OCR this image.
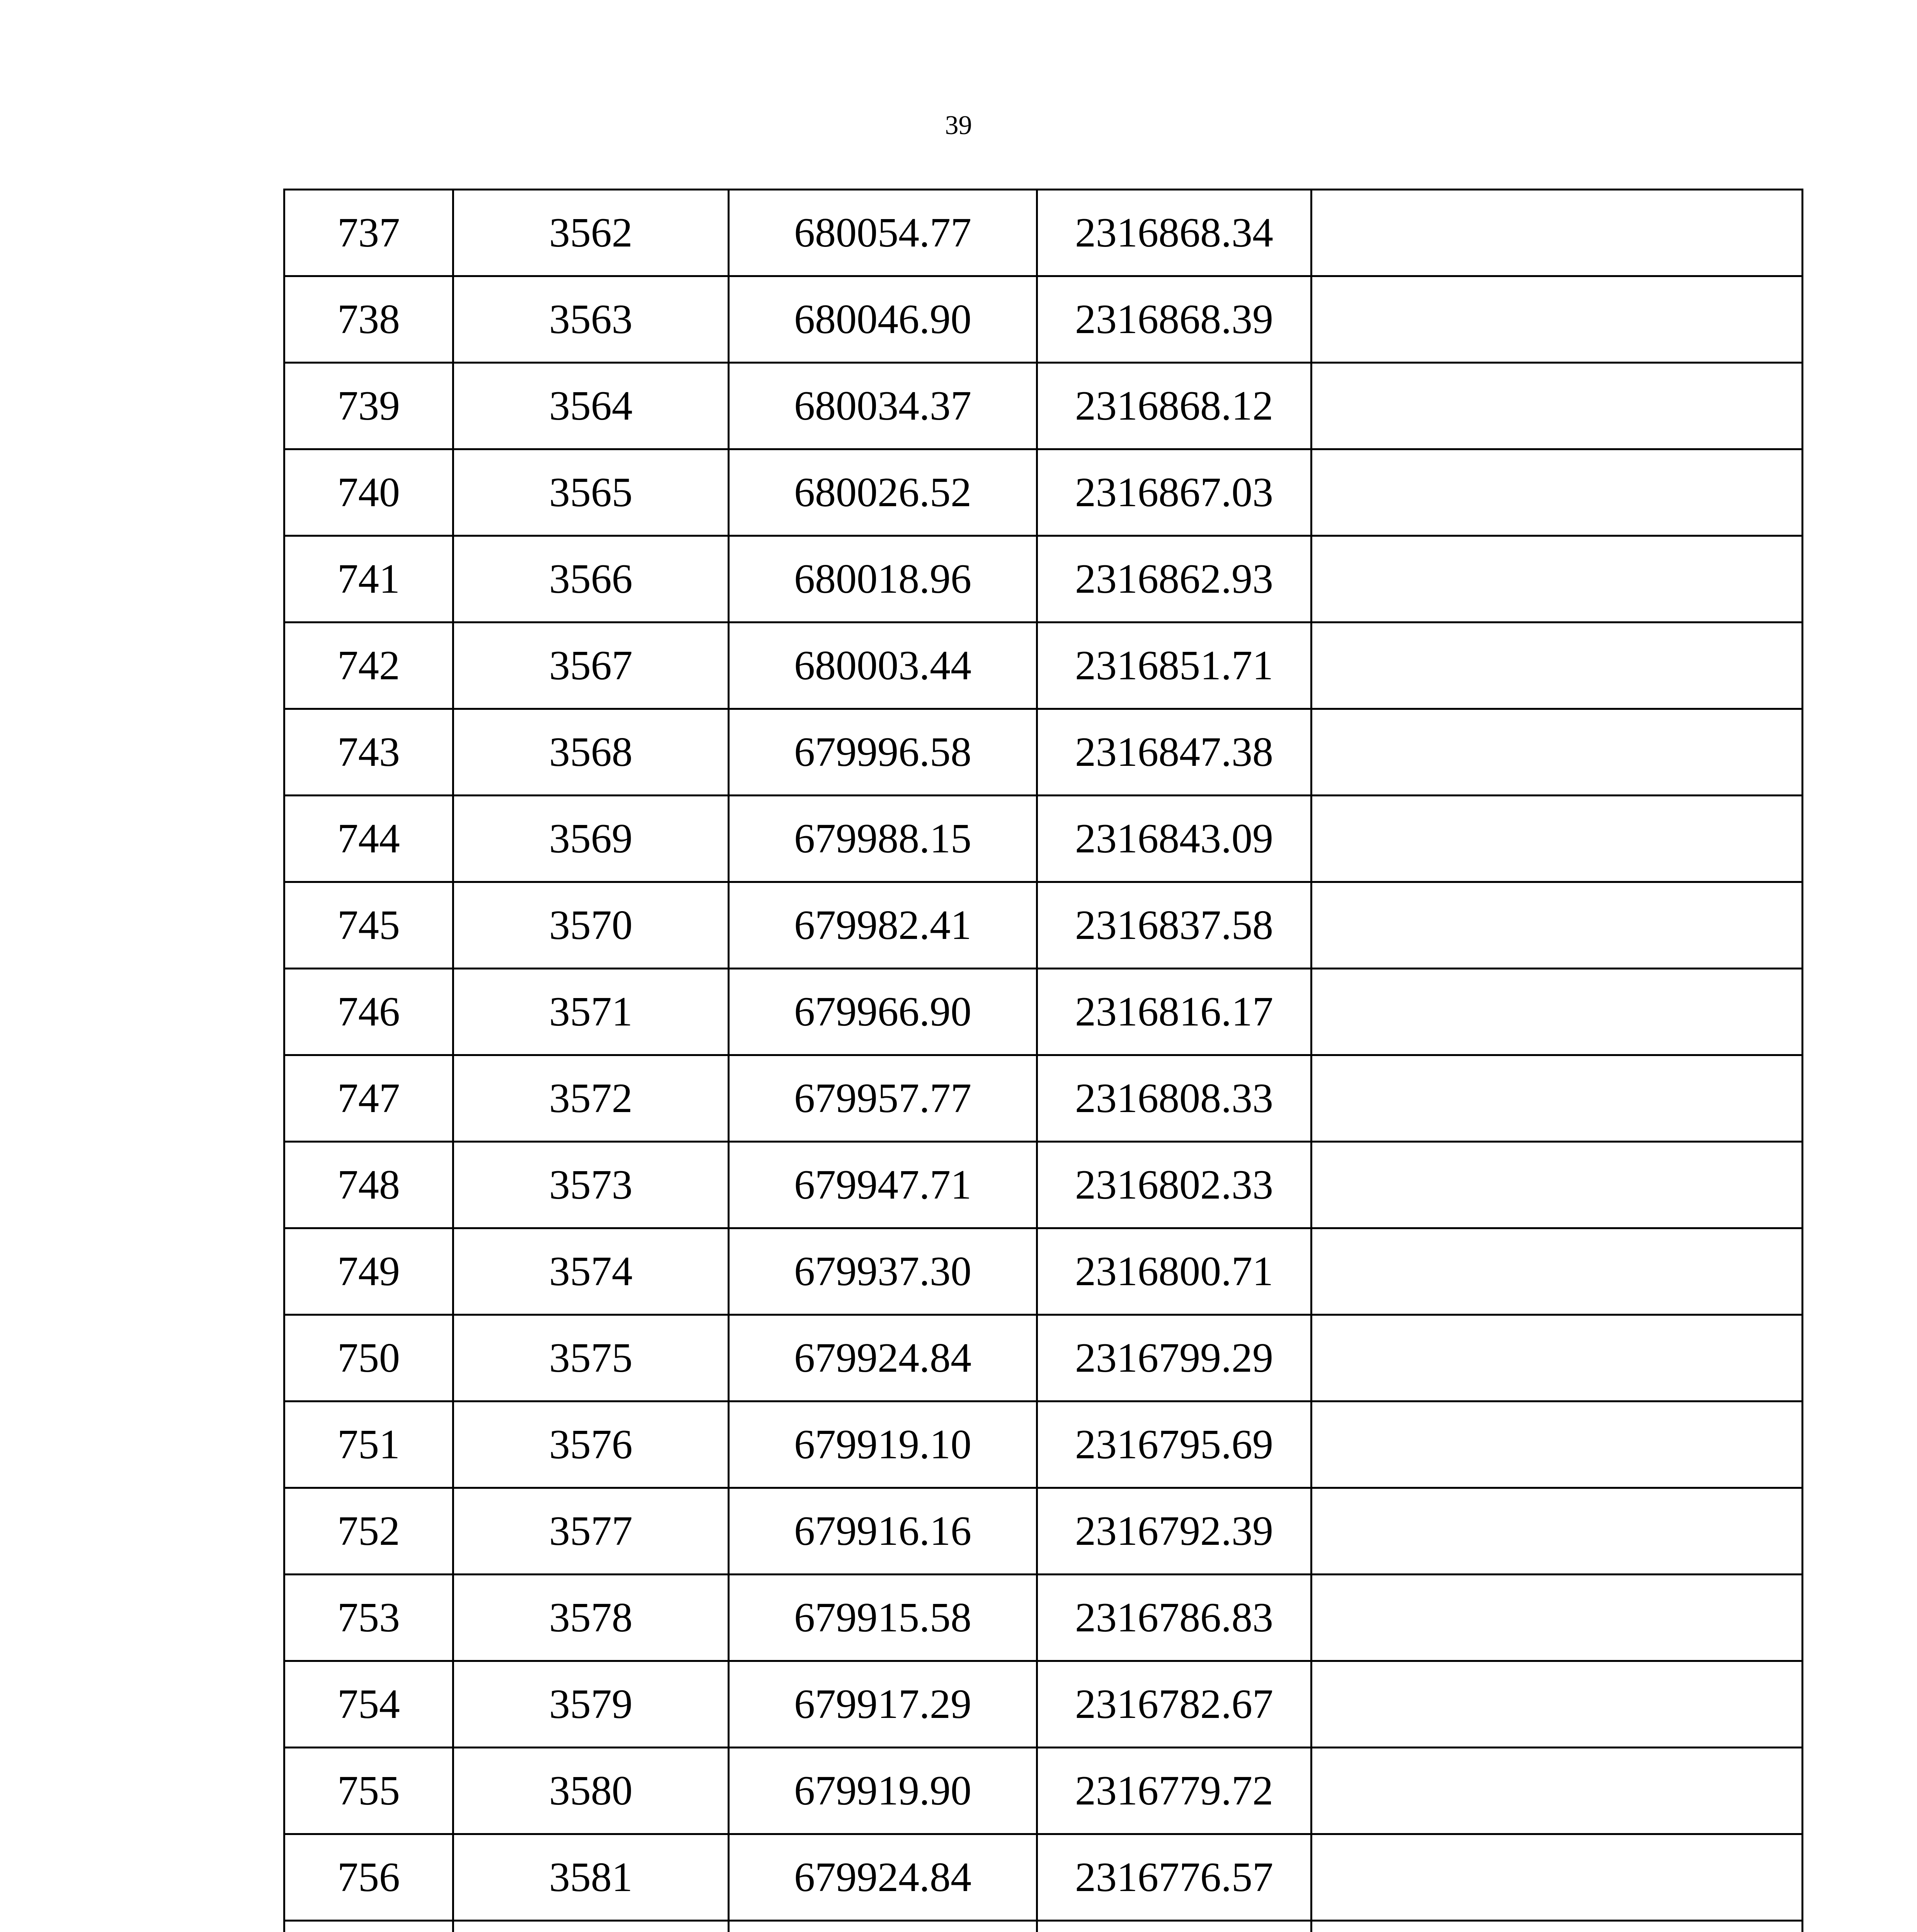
39
737	3562	680054.77	2316868.34	
738	3563	680046.90	2316868.39	
739	3564	680034.37	2316868.12	
740	3565	680026.52	2316867.03	
741	3566	680018.96	2316862.93	
742	3567	680003.44	2316851.71	
743	3568	679996.58	2316847.38	
744	3569	679988.15	2316843.09	
745	3570	679982.41	2316837.58	
746	3571	679966.90	2316816.17	
747	3572	679957.77	2316808.33	
748	3573	679947.71	2316802.33	
749	3574	679937.30	2316800.71	
750	3575	679924.84	2316799.29	
751	3576	679919.10	2316795.69	
752	3577	679916.16	2316792.39	
753	3578	679915.58	2316786.83	
754	3579	679917.29	2316782.67	
755	3580	679919.90	2316779.72	
756	3581	679924.84	2316776.57	
